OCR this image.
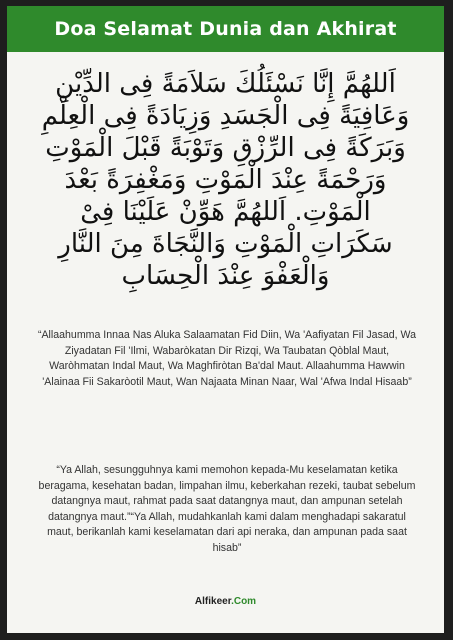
Doa Selamat Dunia dan Akhirat
اَللهُمَّ إِنَّا نَسْئَلُكَ سَلاَمَةً فِى الدِّيْنِ
وَعَافِيَةً فِى الْجَسَدِ وَزِيَادَةً فِى الْعِلْمِ
وَبَرَكَةً فِى الرِّزْقِ وَتَوْبَةً قَبْلَ الْمَوْتِ
وَرَحْمَةً عِنْدَ الْمَوْتِ وَمَغْفِرَةً بَعْدَ
الْمَوْتِ. اَللهُمَّ هَوِّنْ عَلَيْنَا فِىْ
سَكَرَاتِ الْمَوْتِ وَالنَّجَاةَ مِنَ النَّارِ
وَالْعَفْوَ عِنْدَ الْحِسَابِ
“Allaahumma Innaa Nas Aluka Salaamatan Fid Diin, Wa 'Aafiyatan Fil Jasad, Wa Ziyadatan Fil 'Ilmi, Wabaròkatan Dir Rizqi, Wa Taubatan Qòblal Maut, Waròhmatan Indal Maut, Wa Maghfiròtan Ba'dal Maut. Allaahumma Hawwin 'Alainaa Fii Sakaròotil Maut, Wan Najaata Minan Naar, Wal 'Afwa Indal Hisaab”
“Ya Allah, sesungguhnya kami memohon kepada-Mu keselamatan ketika beragama, kesehatan badan, limpahan ilmu, keberkahan rezeki, taubat sebelum datangnya maut, rahmat pada saat datangnya maut, dan ampunan setelah datangnya maut.”“Ya Allah, mudahkanlah kami dalam menghadapi sakaratul maut, berikanlah kami keselamatan dari api neraka, dan ampunan pada saat hisab”
Alfikeer.Com
